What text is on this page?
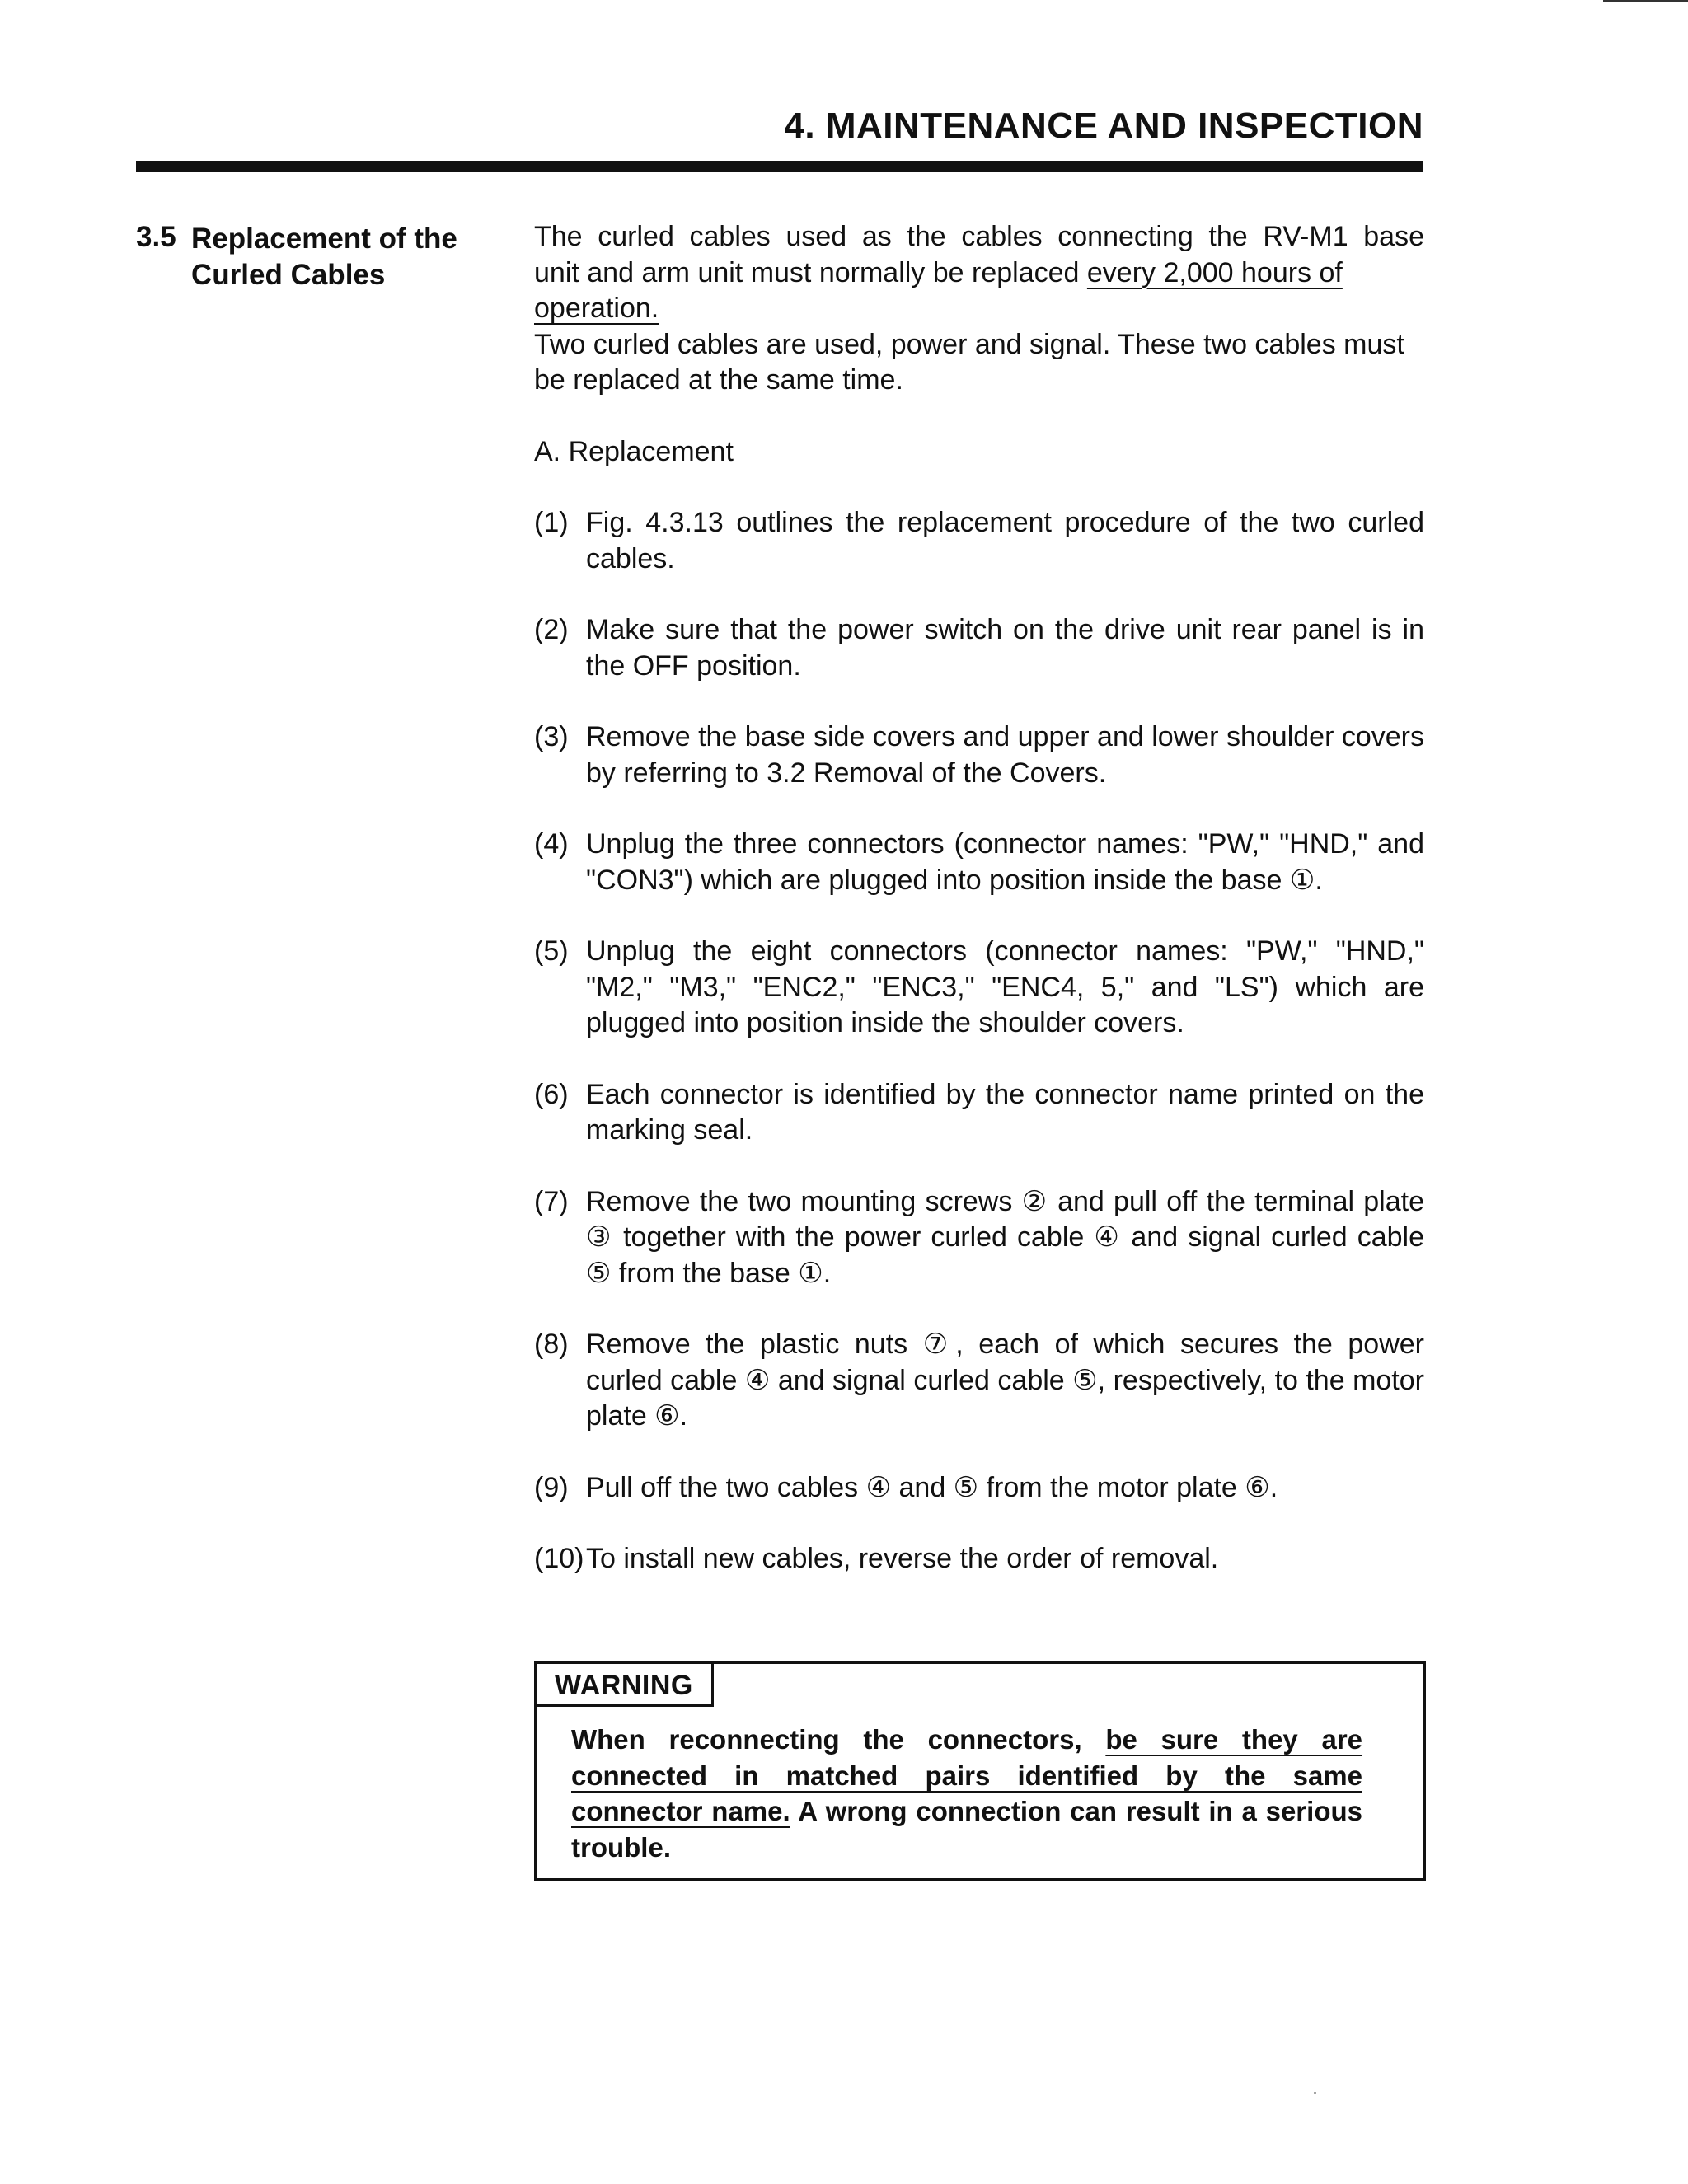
4. MAINTENANCE AND INSPECTION
3.5 Replacement of the
Curled Cables

The curled cables used as the cables connecting the RV-M1 base

unit and arm unit must normally be replaced every 2,000 hours of operation.

Two curled cables are used, power and signal. These two cables must be replaced at the same time.

A. Replacement

(1) Fig. 4.3.13 outlines the replacement procedure of the two curled cables.
(2) Make sure that the power switch on the drive unit rear panel is in the OFF position.
(3) Remove the base side covers and upper and lower shoulder covers by referring to 3.2 Removal of the Covers.
(4) Unplug the three connectors (connector names: "PW," "HND," and "CON3") which are plugged into position inside the base ①.
(5) Unplug the eight connectors (connector names: "PW," "HND," "M2," "M3," "ENC2," "ENC3," "ENC4, 5," and "LS") which are plugged into position inside the shoulder covers.
(6) Each connector is identified by the connector name printed on the marking seal.
(7) Remove the two mounting screws ② and pull off the terminal plate ③ together with the power curled cable ④ and signal curled cable ⑤ from the base ①.
(8) Remove the plastic nuts ⑦, each of which secures the power curled cable ④ and signal curled cable ⑤, respectively, to the motor plate ⑥.
(9) Pull off the two cables ④ and ⑤ from the motor plate ⑥.
(10) To install new cables, reverse the order of removal.
WARNING
When reconnecting the connectors, be sure they are connected in matched pairs identified by the same connector name. A wrong connection can result in a serious trouble.
